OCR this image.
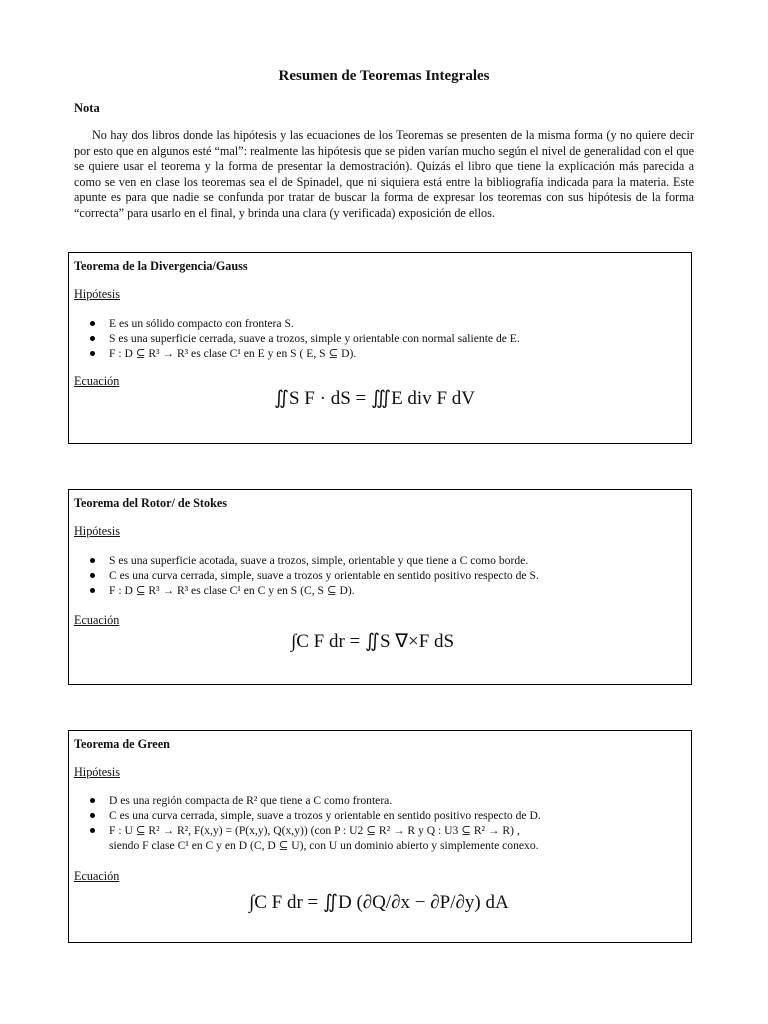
Resumen de Teoremas Integrales
Nota
No hay dos libros donde las hipótesis y las ecuaciones de los Teoremas se presenten de la misma forma (y no quiere decir por esto que en algunos esté “mal”: realmente las hipótesis que se piden varían mucho según el nivel de generalidad con el que se quiere usar el teorema y la forma de presentar la demostración). Quizás el libro que tiene la explicación más parecida a como se ven en clase los teoremas sea el de Spinadel, que ni siquiera está entre la bibliografía indicada para la materia. Este apunte es para que nadie se confunda por tratar de buscar la forma de expresar los teoremas con sus hipótesis de la forma “correcta” para usarlo en el final, y brinda una clara (y verificada) exposición de ellos.
Teorema de la Divergencia/Gauss
Hipótesis
E es un sólido compacto con frontera S.
S es una superficie cerrada, suave a trozos, simple y orientable con normal saliente de E.
F : D ⊆ R³ → R³ es clase C¹ en E y en S ( E, S ⊆ D).
Ecuación
∬S F · dS = ∭E div F dV
Teorema del Rotor/ de Stokes
Hipótesis
S es una superficie acotada, suave a trozos, simple, orientable y que tiene a C como borde.
C es una curva cerrada, simple, suave a trozos y orientable en sentido positivo respecto de S.
F : D ⊆ R³ → R³ es clase C¹ en C y en S (C, S ⊆ D).
Ecuación
∫C F dr = ∬S ∇×F dS
Teorema de Green
Hipótesis
D es una región compacta de R² que tiene a C como frontera.
C es una curva cerrada, simple, suave a trozos y orientable en sentido positivo respecto de D.
F : U ⊆ R² → R², F(x,y) = (P(x,y), Q(x,y)) (con P : U2 ⊆ R² → R y Q : U3 ⊆ R² → R) ,
siendo F clase C¹ en C y en D (C, D ⊆ U), con U un dominio abierto y simplemente conexo.
Ecuación
∫C F dr = ∬D (∂Q/∂x − ∂P/∂y) dA
